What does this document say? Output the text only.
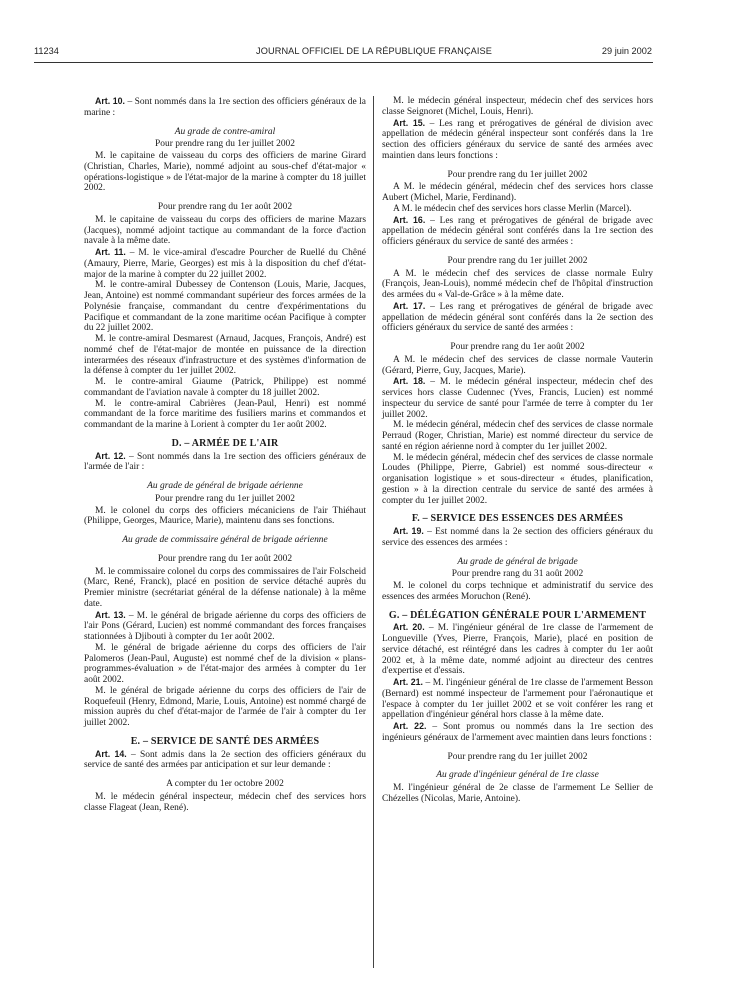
11234	JOURNAL OFFICIEL DE LA RÉPUBLIQUE FRANÇAISE	29 juin 2002

Art. 10. – Sont nommés dans la 1re section des officiers généraux de la marine :

Au grade de contre-amiral

Pour prendre rang du 1er juillet 2002

M. le capitaine de vaisseau du corps des officiers de marine Girard (Christian, Charles, Marie), nommé adjoint au sous-chef d'état-major « opérations-logistique » de l'état-major de la marine à compter du 18 juillet 2002.

Pour prendre rang du 1er août 2002

M. le capitaine de vaisseau du corps des officiers de marine Mazars (Jacques), nommé adjoint tactique au commandant de la force d'action navale à la même date.

Art. 11. – M. le vice-amiral d'escadre Pourcher de Ruellé du Chêné (Amaury, Pierre, Marie, Georges) est mis à la disposition du chef d'état-major de la marine à compter du 22 juillet 2002.

M. le contre-amiral Dubessey de Contenson (Louis, Marie, Jacques, Jean, Antoine) est nommé commandant supérieur des forces armées de la Polynésie française, commandant du centre d'expérimentations du Pacifique et commandant de la zone maritime océan Pacifique à compter du 22 juillet 2002.

M. le contre-amiral Desmarest (Arnaud, Jacques, François, André) est nommé chef de l'état-major de montée en puissance de la direction interarmées des réseaux d'infrastructure et des systèmes d'information de la défense à compter du 1er juillet 2002.

M. le contre-amiral Giaume (Patrick, Philippe) est nommé commandant de l'aviation navale à compter du 18 juillet 2002.

M. le contre-amiral Cabrières (Jean-Paul, Henri) est nommé commandant de la force maritime des fusiliers marins et commandos et commandant de la marine à Lorient à compter du 1er août 2002.

D. – ARMÉE DE L'AIR

Art. 12. – Sont nommés dans la 1re section des officiers généraux de l'armée de l'air :

Au grade de général de brigade aérienne

Pour prendre rang du 1er juillet 2002

M. le colonel du corps des officiers mécaniciens de l'air Thiéhaut (Philippe, Georges, Maurice, Marie), maintenu dans ses fonctions.

Au grade de commissaire général de brigade aérienne

Pour prendre rang du 1er août 2002

M. le commissaire colonel du corps des commissaires de l'air Folscheid (Marc, René, Franck), placé en position de service détaché auprès du Premier ministre (secrétariat général de la défense nationale) à la même date.

Art. 13. – M. le général de brigade aérienne du corps des officiers de l'air Pons (Gérard, Lucien) est nommé commandant des forces françaises stationnées à Djibouti à compter du 1er août 2002.

M. le général de brigade aérienne du corps des officiers de l'air Palomeros (Jean-Paul, Auguste) est nommé chef de la division « plans-programmes-évaluation » de l'état-major des armées à compter du 1er août 2002.

M. le général de brigade aérienne du corps des officiers de l'air de Roquefeuil (Henry, Edmond, Marie, Louis, Antoine) est nommé chargé de mission auprès du chef d'état-major de l'armée de l'air à compter du 1er juillet 2002.

E. – SERVICE DE SANTÉ DES ARMÉES

Art. 14. – Sont admis dans la 2e section des officiers généraux du service de santé des armées par anticipation et sur leur demande :

A compter du 1er octobre 2002

M. le médecin général inspecteur, médecin chef des services hors classe Flageat (Jean, René).

M. le médecin général inspecteur, médecin chef des services hors classe Seignoret (Michel, Louis, Henri).

Art. 15. – Les rang et prérogatives de général de division avec appellation de médecin général inspecteur sont conférés dans la 1re section des officiers généraux du service de santé des armées avec maintien dans leurs fonctions :

Pour prendre rang du 1er juillet 2002

A M. le médecin général, médecin chef des services hors classe Aubert (Michel, Marie, Ferdinand).

A M. le médecin chef des services hors classe Merlin (Marcel).

Art. 16. – Les rang et prérogatives de général de brigade avec appellation de médecin général sont conférés dans la 1re section des officiers généraux du service de santé des armées :

Pour prendre rang du 1er juillet 2002

A M. le médecin chef des services de classe normale Eulry (François, Jean-Louis), nommé médecin chef de l'hôpital d'instruction des armées du « Val-de-Grâce » à la même date.

Art. 17. – Les rang et prérogatives de général de brigade avec appellation de médecin général sont conférés dans la 2e section des officiers généraux du service de santé des armées :

Pour prendre rang du 1er août 2002

A M. le médecin chef des services de classe normale Vauterin (Gérard, Pierre, Guy, Jacques, Marie).

Art. 18. – M. le médecin général inspecteur, médecin chef des services hors classe Cudennec (Yves, Francis, Lucien) est nommé inspecteur du service de santé pour l'armée de terre à compter du 1er juillet 2002.

M. le médecin général, médecin chef des services de classe normale Perraud (Roger, Christian, Marie) est nommé directeur du service de santé en région aérienne nord à compter du 1er juillet 2002.

M. le médecin général, médecin chef des services de classe normale Loudes (Philippe, Pierre, Gabriel) est nommé sous-directeur « organisation logistique » et sous-directeur « études, planification, gestion » à la direction centrale du service de santé des armées à compter du 1er juillet 2002.

F. – SERVICE DES ESSENCES DES ARMÉES

Art. 19. – Est nommé dans la 2e section des officiers généraux du service des essences des armées :

Au grade de général de brigade

Pour prendre rang du 31 août 2002

M. le colonel du corps technique et administratif du service des essences des armées Moruchon (René).

G. – DÉLÉGATION GÉNÉRALE POUR L'ARMEMENT

Art. 20. – M. l'ingénieur général de 1re classe de l'armement de Longueville (Yves, Pierre, François, Marie), placé en position de service détaché, est réintégré dans les cadres à compter du 1er août 2002 et, à la même date, nommé adjoint au directeur des centres d'expertise et d'essais.

Art. 21. – M. l'ingénieur général de 1re classe de l'armement Besson (Bernard) est nommé inspecteur de l'armement pour l'aéronautique et l'espace à compter du 1er juillet 2002 et se voit conférer les rang et appellation d'ingénieur général hors classe à la même date.

Art. 22. – Sont promus ou nommés dans la 1re section des ingénieurs généraux de l'armement avec maintien dans leurs fonctions :

Pour prendre rang du 1er juillet 2002

Au grade d'ingénieur général de 1re classe

M. l'ingénieur général de 2e classe de l'armement Le Sellier de Chézelles (Nicolas, Marie, Antoine).
